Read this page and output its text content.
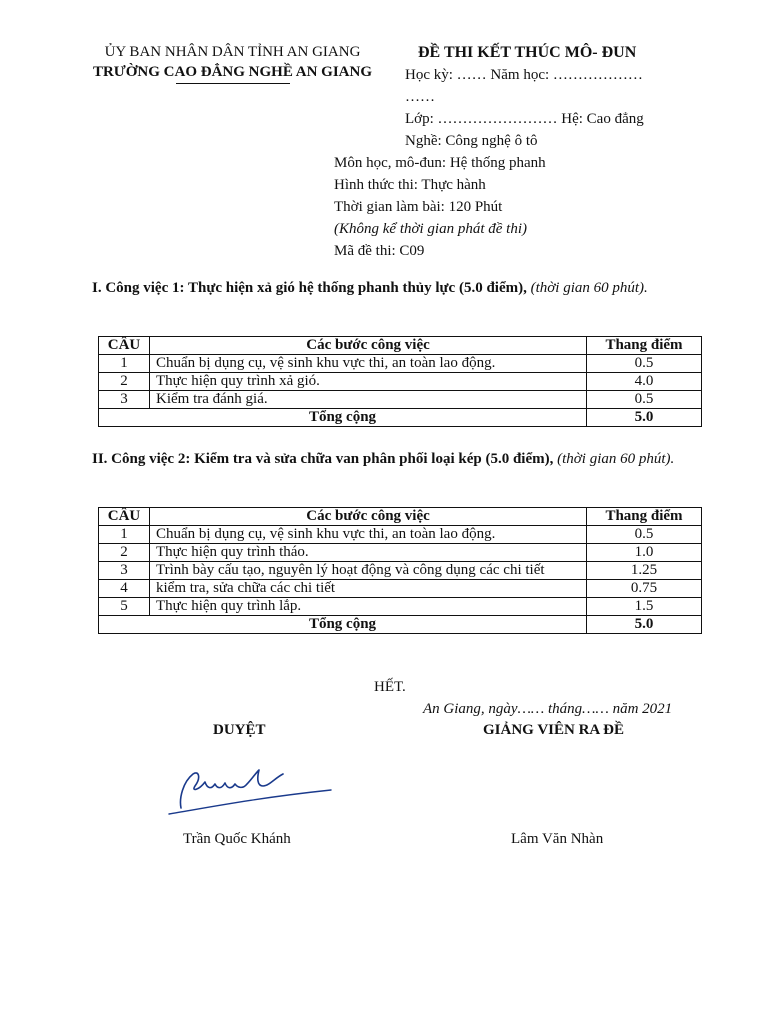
ỦY BAN NHÂN DÂN TỈNH AN GIANG
TRƯỜNG CAO ĐẲNG NGHỀ AN GIANG
ĐỀ THI KẾT THÚC MÔ- ĐUN
Học kỳ: …… Năm học: ………………
……
Lớp: …………………… Hệ: Cao đẳng
Nghề: Công nghệ ô tô
Môn học, mô-đun: Hệ thống phanh
Hình thức thi: Thực hành
Thời gian làm bài: 120 Phút
(Không kể thời gian phát đề thi)
Mã đề thi: C09
I. Công việc 1: Thực hiện xả gió hệ thống phanh thủy lực (5.0 điểm), (thời gian 60 phút).
CÂU	Các bước công việc	Thang điểm
1	Chuẩn bị dụng cụ, vệ sinh khu vực thi, an toàn lao động.	0.5
2	Thực hiện quy trình xả gió.	4.0
3	Kiểm tra đánh giá.	0.5
Tổng cộng		5.0
II. Công việc 2: Kiểm tra và sửa chữa van phân phối loại kép (5.0 điểm), (thời gian 60 phút).
CÂU	Các bước công việc	Thang điểm
1	Chuẩn bị dụng cụ, vệ sinh khu vực thi, an toàn lao động.	0.5
2	Thực hiện quy trình tháo.	1.0
3	Trình bày cấu tạo, nguyên lý hoạt động và công dụng các chi tiết	1.25
4	kiểm tra, sửa chữa các chi tiết	0.75
5	Thực hiện quy trình lắp.	1.5
Tổng cộng		5.0
HẾT.
An Giang, ngày…… tháng…… năm 2021
DUYỆT	GIẢNG VIÊN RA ĐỀ
Trần Quốc Khánh	Lâm Văn Nhàn
